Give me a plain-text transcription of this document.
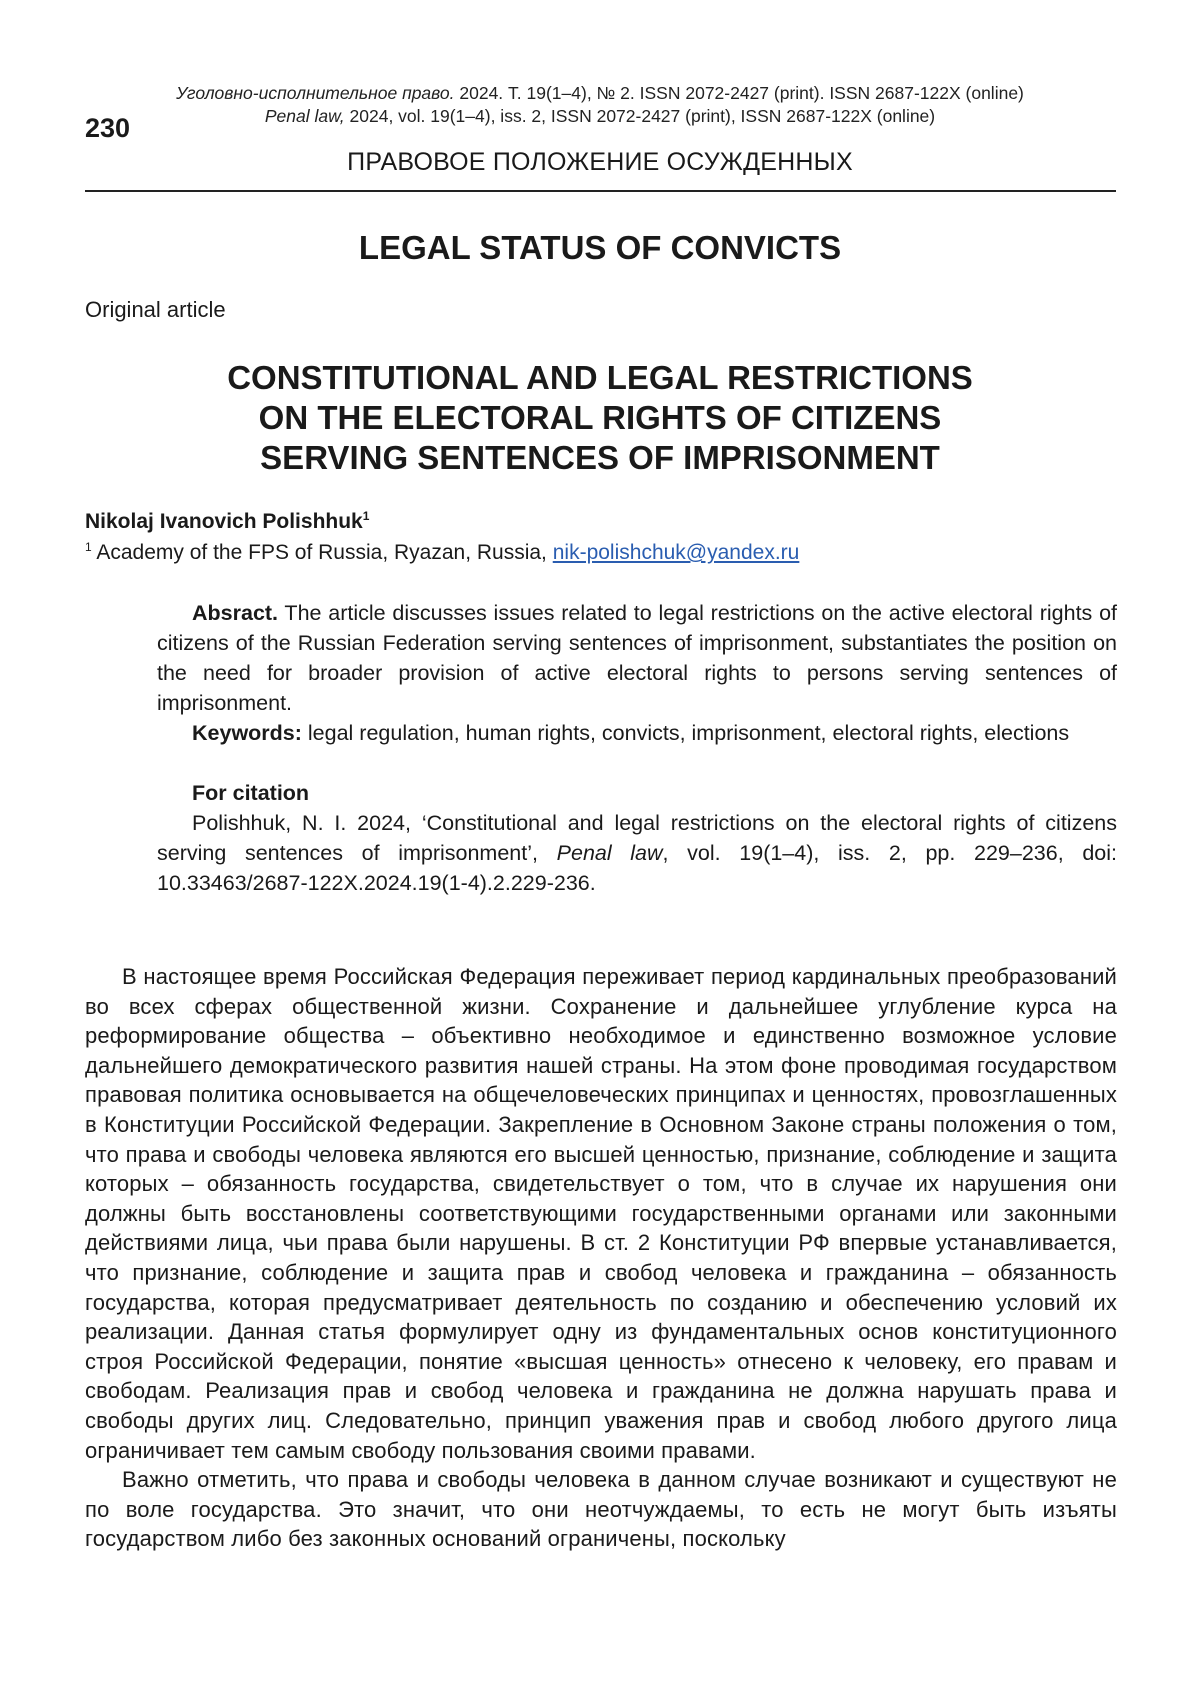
Уголовно-исполнительное право. 2024. Т. 19(1–4), № 2. ISSN 2072-2427 (print). ISSN 2687-122X (online)
Penal law, 2024, vol. 19(1–4), iss. 2, ISSN 2072-2427 (print), ISSN 2687-122X (online)
230
ПРАВОВОЕ ПОЛОЖЕНИЕ ОСУЖДЕННЫХ
LEGAL STATUS OF CONVICTS
Original article
CONSTITUTIONAL AND LEGAL RESTRICTIONS
ON THE ELECTORAL RIGHTS OF CITIZENS
SERVING SENTENCES OF IMPRISONMENT
Nikolaj Ivanovich Polishhuk$^1$
$^1$ Academy of the FPS of Russia, Ryazan, Russia, nik-polishchuk@yandex.ru

Absract. The article discusses issues related to legal restrictions on the active electoral rights of citizens of the Russian Federation serving sentences of imprisonment, substantiates the position on the need for broader provision of active electoral rights to persons serving sentences of imprisonment.

Keywords: legal regulation, human rights, convicts, imprisonment, electoral rights, elections

For citation

Polishhuk, N. I. 2024, ‘Constitutional and legal restrictions on the electoral rights of citizens serving sentences of imprisonment’, Penal law, vol. 19(1–4), iss. 2, pp. 229–236, doi: 10.33463/2687-122X.2024.19(1-4).2.229-236.

В настоящее время Российская Федерация переживает период кардинальных преобразований во всех сферах общественной жизни. Сохранение и дальнейшее углубление курса на реформирование общества – объективно необходимое и единственно возможное условие дальнейшего демократического развития нашей страны. На этом фоне проводимая государством правовая политика основывается на общечеловеческих принципах и ценностях, провозглашенных в Конституции Российской Федерации. Закрепление в Основном Законе страны положения о том, что права и свободы человека являются его высшей ценностью, признание, соблюдение и защита которых – обязанность государства, свидетельствует о том, что в случае их нарушения они должны быть восстановлены соответствующими государственными органами или законными действиями лица, чьи права были нарушены. В ст. 2 Конституции РФ впервые устанавливается, что признание, соблюдение и защита прав и свобод человека и гражданина – обязанность государства, которая предусматривает деятельность по созданию и обеспечению условий их реализации. Данная статья формулирует одну из фундаментальных основ конституционного строя Российской Федерации, понятие «высшая ценность» отнесено к человеку, его правам и свободам. Реализация прав и свобод человека и гражданина не должна нарушать права и свободы других лиц. Следовательно, принцип уважения прав и свобод любого другого лица ограничивает тем самым свободу пользования своими правами.

Важно отметить, что права и свободы человека в данном случае возникают и существуют не по воле государства. Это значит, что они неотчуждаемы, то есть не могут быть изъяты государством либо без законных оснований ограничены, поскольку
